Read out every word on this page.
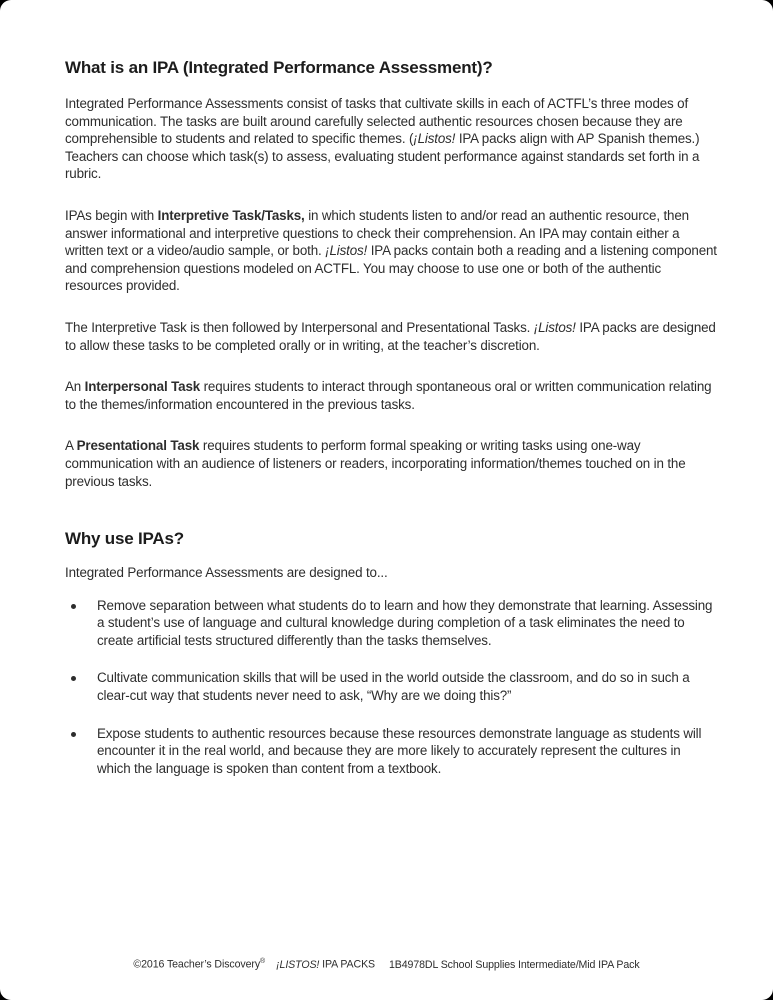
What is an IPA (Integrated Performance Assessment)?

Integrated Performance Assessments consist of tasks that cultivate skills in each of ACTFL’s three modes of communication. The tasks are built around carefully selected authentic resources chosen because they are comprehensible to students and related to specific themes. (¡Listos! IPA packs align with AP Spanish themes.) Teachers can choose which task(s) to assess, evaluating student performance against standards set forth in a rubric.

IPAs begin with Interpretive Task/Tasks, in which students listen to and/or read an authentic resource, then answer informational and interpretive questions to check their comprehension. An IPA may contain either a written text or a video/audio sample, or both. ¡Listos! IPA packs contain both a reading and a listening component and comprehension questions modeled on ACTFL. You may choose to use one or both of the authentic resources provided.

The Interpretive Task is then followed by Interpersonal and Presentational Tasks. ¡Listos! IPA packs are designed to allow these tasks to be completed orally or in writing, at the teacher’s discretion.

An Interpersonal Task requires students to interact through spontaneous oral or written communication relating to the themes/information encountered in the previous tasks.

A Presentational Task requires students to perform formal speaking or writing tasks using one-way communication with an audience of listeners or readers, incorporating information/themes touched on in the previous tasks.

Why use IPAs?

Integrated Performance Assessments are designed to...

Remove separation between what students do to learn and how they demonstrate that learning. Assessing a student’s use of language and cultural knowledge during completion of a task eliminates the need to create artificial tests structured differently than the tasks themselves.
Cultivate communication skills that will be used in the world outside the classroom, and do so in such a clear-cut way that students never need to ask, “Why are we doing this?”
Expose students to authentic resources because these resources demonstrate language as students will encounter it in the real world, and because they are more likely to accurately represent the cultures in which the language is spoken than content from a textbook.
©2016 Teacher’s Discovery® ¡LISTOS! IPA PACKS 1B4978DL School Supplies Intermediate/Mid IPA Pack
